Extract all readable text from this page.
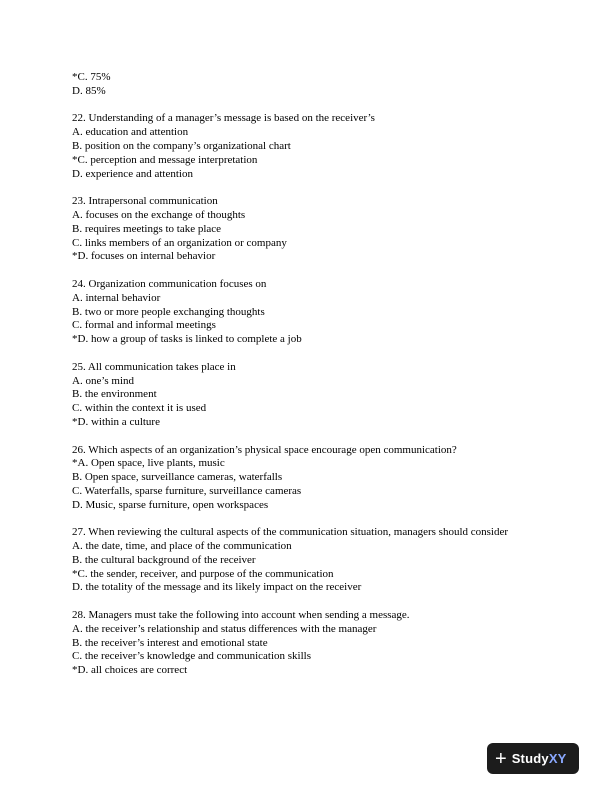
*C. 75%
D. 85%
22. Understanding of a manager’s message is based on the receiver’s
A. education and attention
B. position on the company’s organizational chart
*C. perception and message interpretation
D. experience and attention
23. Intrapersonal communication
A. focuses on the exchange of thoughts
B. requires meetings to take place
C. links members of an organization or company
*D. focuses on internal behavior
24. Organization communication focuses on
A. internal behavior
B. two or more people exchanging thoughts
C. formal and informal meetings
*D. how a group of tasks is linked to complete a job
25. All communication takes place in
A. one’s mind
B. the environment
C. within the context it is used
*D. within a culture
26. Which aspects of an organization’s physical space encourage open communication?
*A. Open space, live plants, music
B. Open space, surveillance cameras, waterfalls
C. Waterfalls, sparse furniture, surveillance cameras
D. Music, sparse furniture, open workspaces
27. When reviewing the cultural aspects of the communication situation, managers should consider
A. the date, time, and place of the communication
B. the cultural background of the receiver
*C. the sender, receiver, and purpose of the communication
D. the totality of the message and its likely impact on the receiver
28. Managers must take the following into account when sending a message.
A. the receiver’s relationship and status differences with the manager
B. the receiver’s interest and emotional state
C. the receiver’s knowledge and communication skills
*D. all choices are correct
+ StudyXY
